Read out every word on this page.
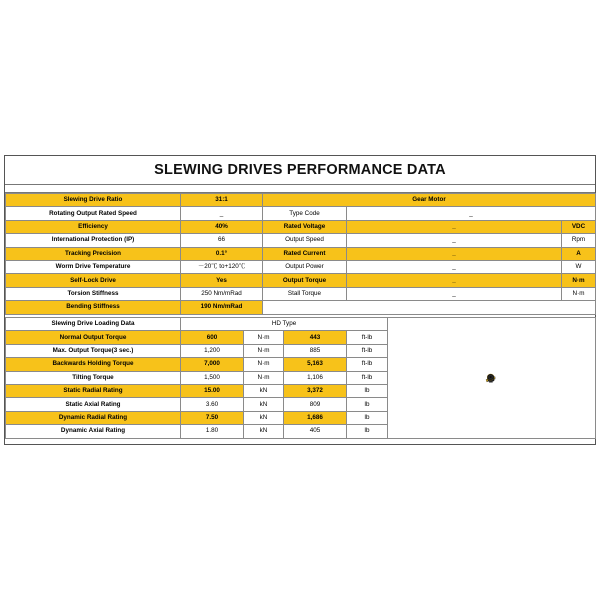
SLEWING DRIVES PERFORMANCE DATA
Slewing Drive Ratio	31:1	Gear Motor		
Rotating Output Rated Speed	_	Type Code	_	
Efficiency	40%	Rated Voltage	_	VDC
International Protection (IP)	66	Output Speed	_	Rpm
Tracking Precision	0.1°	Rated Current	_	A
Worm Drive Temperature	－20℃ to+120℃	Output Power	_	W
Self-Lock Drive	Yes	Output Torque	_	N·m
Torsion Stiffness	250 Nm/mRad	Stall Torque	_	N·m
Bending Stiffness	190 Nm/mRad			
Slewing Drive Loading Data	HD Type	

Normal Output Torque	600	N·m	443	ft-lb	
Max. Output Torque(3 sec.)	1,200	N·m	885	ft-lb	
Backwards Holding Torque	7,000	N·m	5,163	ft-lb	
Tilting Torque	1,500	N·m	1,106	ft-lb	
Static Radial Rating	15.00	kN	3,372	lb	
Static Axial Rating	3.60	kN	809	lb	
Dynamic Radial Rating	7.50	kN	1,686	lb	
Dynamic Axial Rating	1.80	kN	405	lb	
